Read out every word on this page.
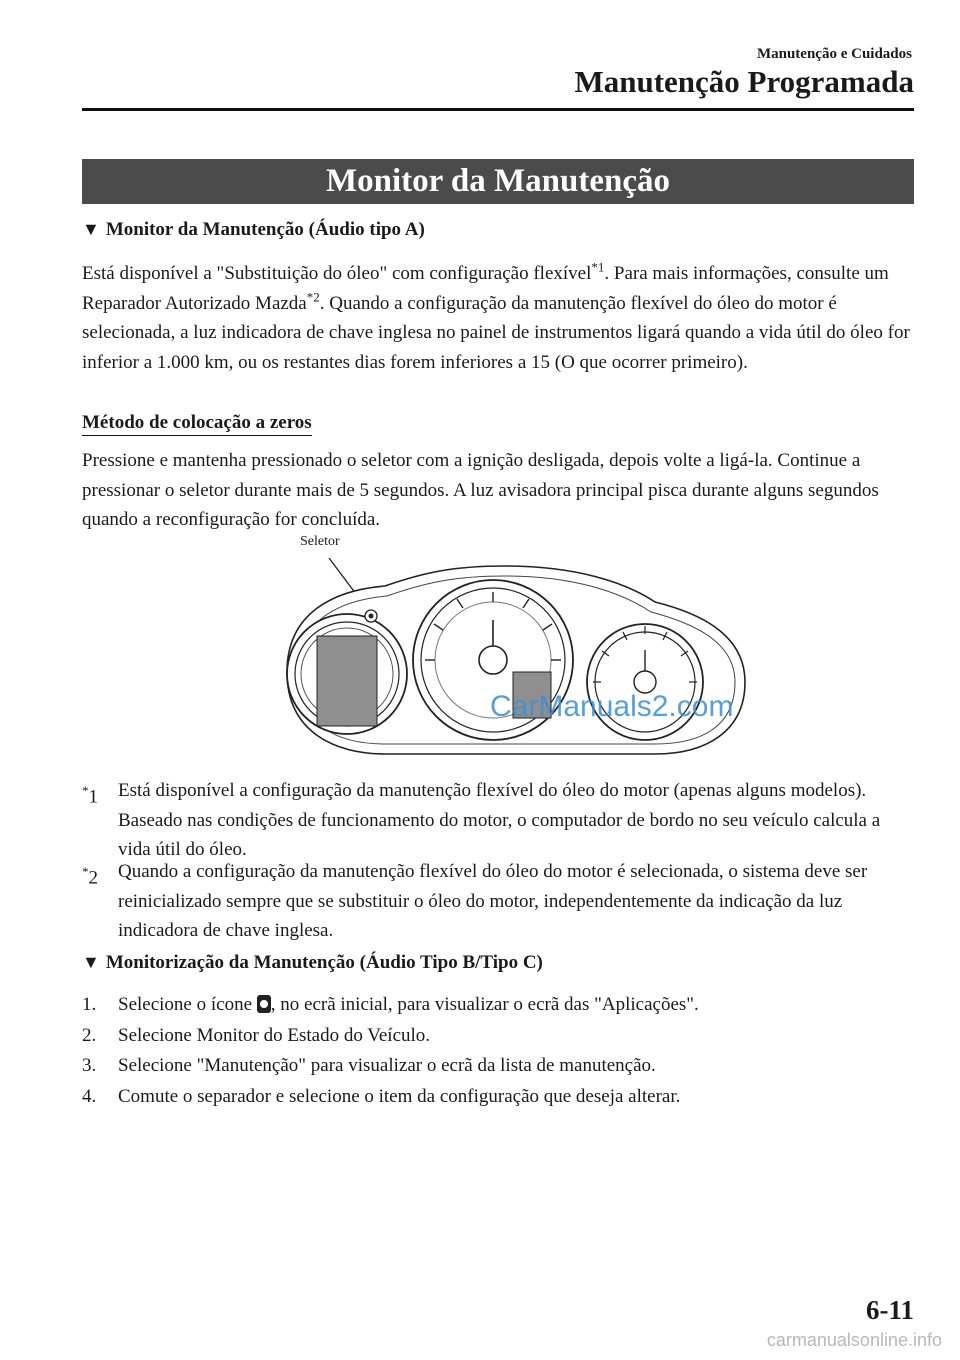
Manutenção e Cuidados
Manutenção Programada
Monitor da Manutenção
▼ Monitor da Manutenção (Áudio tipo A)
Está disponível a "Substituição do óleo" com configuração flexível$^{*1}$. Para mais informações, consulte um Reparador Autorizado Mazda$^{*2}$. Quando a configuração da manutenção flexível do óleo do motor é selecionada, a luz indicadora de chave inglesa no painel de instrumentos ligará quando a vida útil do óleo for inferior a 1.000 km, ou os restantes dias forem inferiores a 15 (O que ocorrer primeiro).
Método de colocação a zeros
Pressione e mantenha pressionado o seletor com a ignição desligada, depois volte a ligá-la. Continue a pressionar o seletor durante mais de 5 segundos. A luz avisadora principal pisca durante alguns segundos quando a reconfiguração for concluída.
Seletor
CarManuals2.com
*1 Está disponível a configuração da manutenção flexível do óleo do motor (apenas alguns modelos). Baseado nas condições de funcionamento do motor, o computador de bordo no seu veículo calcula a vida útil do óleo.
*2 Quando a configuração da manutenção flexível do óleo do motor é selecionada, o sistema deve ser reinicializado sempre que se substituir o óleo do motor, independentemente da indicação da luz indicadora de chave inglesa.
▼ Monitorização da Manutenção (Áudio Tipo B/Tipo C)
1. Selecione o ícone , no ecrã inicial, para visualizar o ecrã das "Aplicações".
2. Selecione Monitor do Estado do Veículo.
3. Selecione "Manutenção" para visualizar o ecrã da lista de manutenção.
4. Comute o separador e selecione o item da configuração que deseja alterar.
6-11
carmanualsonline.info
